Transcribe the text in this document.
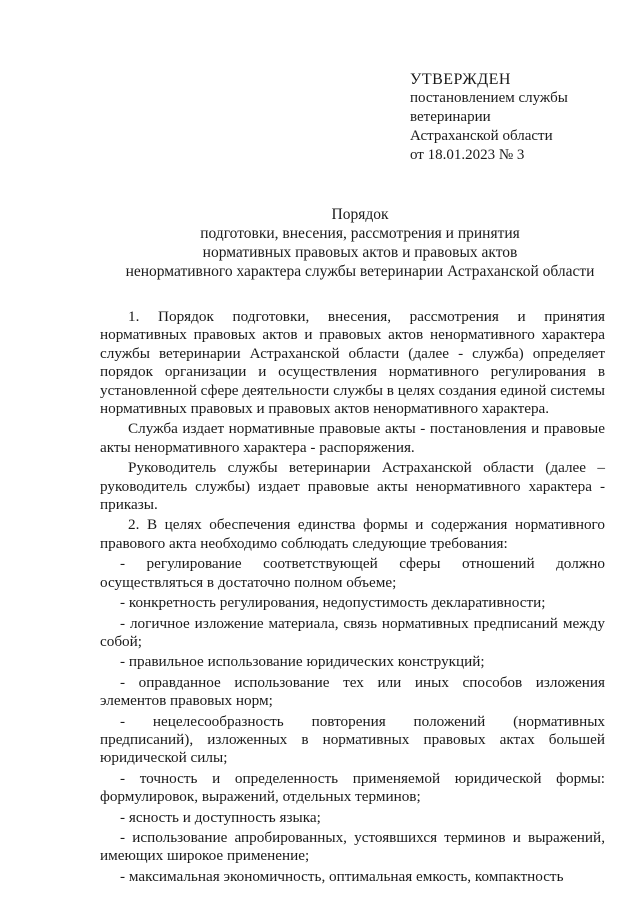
УТВЕРЖДЕН
постановлением службы
ветеринарии
Астраханской области
от 18.01.2023 № 3
Порядок
подготовки, внесения, рассмотрения и принятия
нормативных правовых актов и правовых актов
ненормативного характера службы ветеринарии Астраханской области

1. Порядок подготовки, внесения, рассмотрения и принятия нормативных правовых актов и правовых актов ненормативного характера службы ветеринарии Астраханской области (далее - служба) определяет порядок организации и осуществления нормативного регулирования в установленной сфере деятельности службы в целях создания единой системы нормативных правовых и правовых актов ненормативного характера.

Служба издает нормативные правовые акты - постановления и правовые акты ненормативного характера - распоряжения.

Руководитель службы ветеринарии Астраханской области (далее – руководитель службы) издает правовые акты ненормативного характера - приказы.

2. В целях обеспечения единства формы и содержания нормативного правового акта необходимо соблюдать следующие требования:

- регулирование соответствующей сферы отношений должно осуществляться в достаточно полном объеме;

- конкретность регулирования, недопустимость декларативности;

- логичное изложение материала, связь нормативных предписаний между собой;

- правильное использование юридических конструкций;

- оправданное использование тех или иных способов изложения элементов правовых норм;

- нецелесообразность повторения положений (нормативных предписаний), изложенных в нормативных правовых актах большей юридической силы;

- точность и определенность применяемой юридической формы: формулировок, выражений, отдельных терминов;

- ясность и доступность языка;

- использование апробированных, устоявшихся терминов и выражений, имеющих широкое применение;

- максимальная экономичность, оптимальная емкость, компактность
